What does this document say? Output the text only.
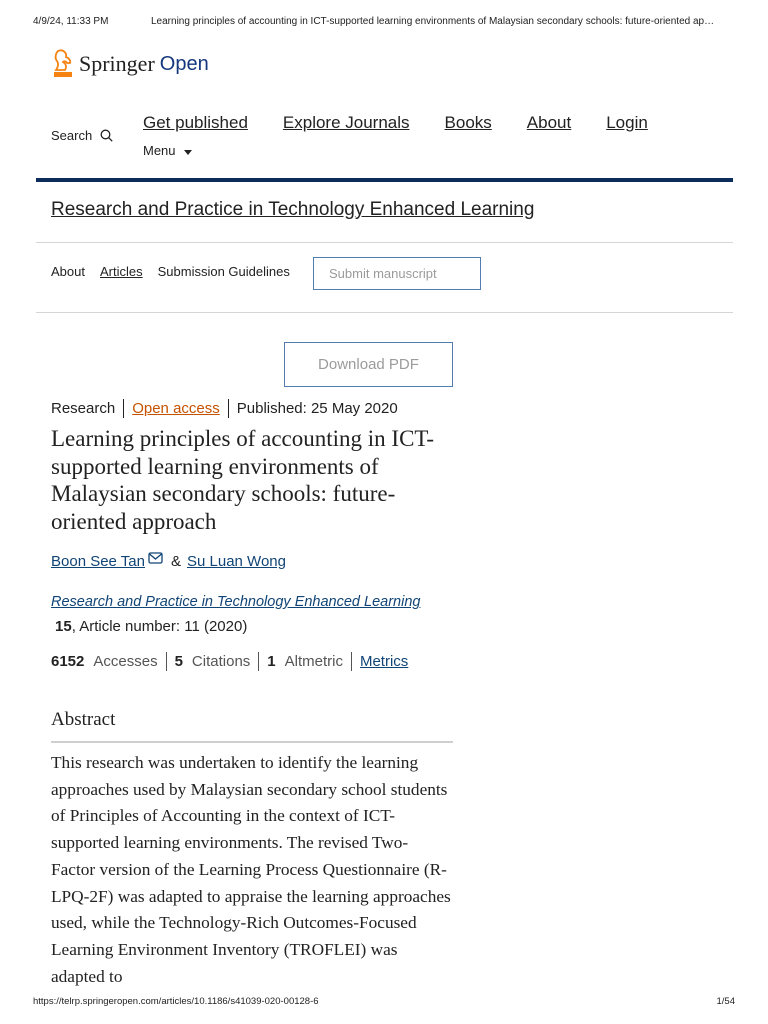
4/9/24, 11:33 PM	Learning principles of accounting in ICT-supported learning environments of Malaysian secondary schools: future-oriented ap…
Springer Open
Search
Get published Explore Journals Books About Login
Menu
Research and Practice in Technology Enhanced Learning
About Articles Submission Guidelines	Submit manuscript
Download PDF
Research Open access Published: 25 May 2020
Learning principles of accounting in ICT-supported learning environments of Malaysian secondary schools: future-oriented approach
Boon See Tan & Su Luan Wong
Research and Practice in Technology Enhanced Learning
15, Article number: 11 (2020)
6152 Accesses 5 Citations 1 Altmetric Metrics
Abstract

This research was undertaken to identify the learning approaches used by Malaysian secondary school students of Principles of Accounting in the context of ICT-supported learning environments. The revised Two-Factor version of the Learning Process Questionnaire (R-LPQ-2F) was adapted to appraise the learning approaches used, while the Technology-Rich Outcomes-Focused Learning Environment Inventory (TROFLEI) was adapted to

https://telrp.springeropen.com/articles/10.1186/s41039-020-00128-6	1/54
